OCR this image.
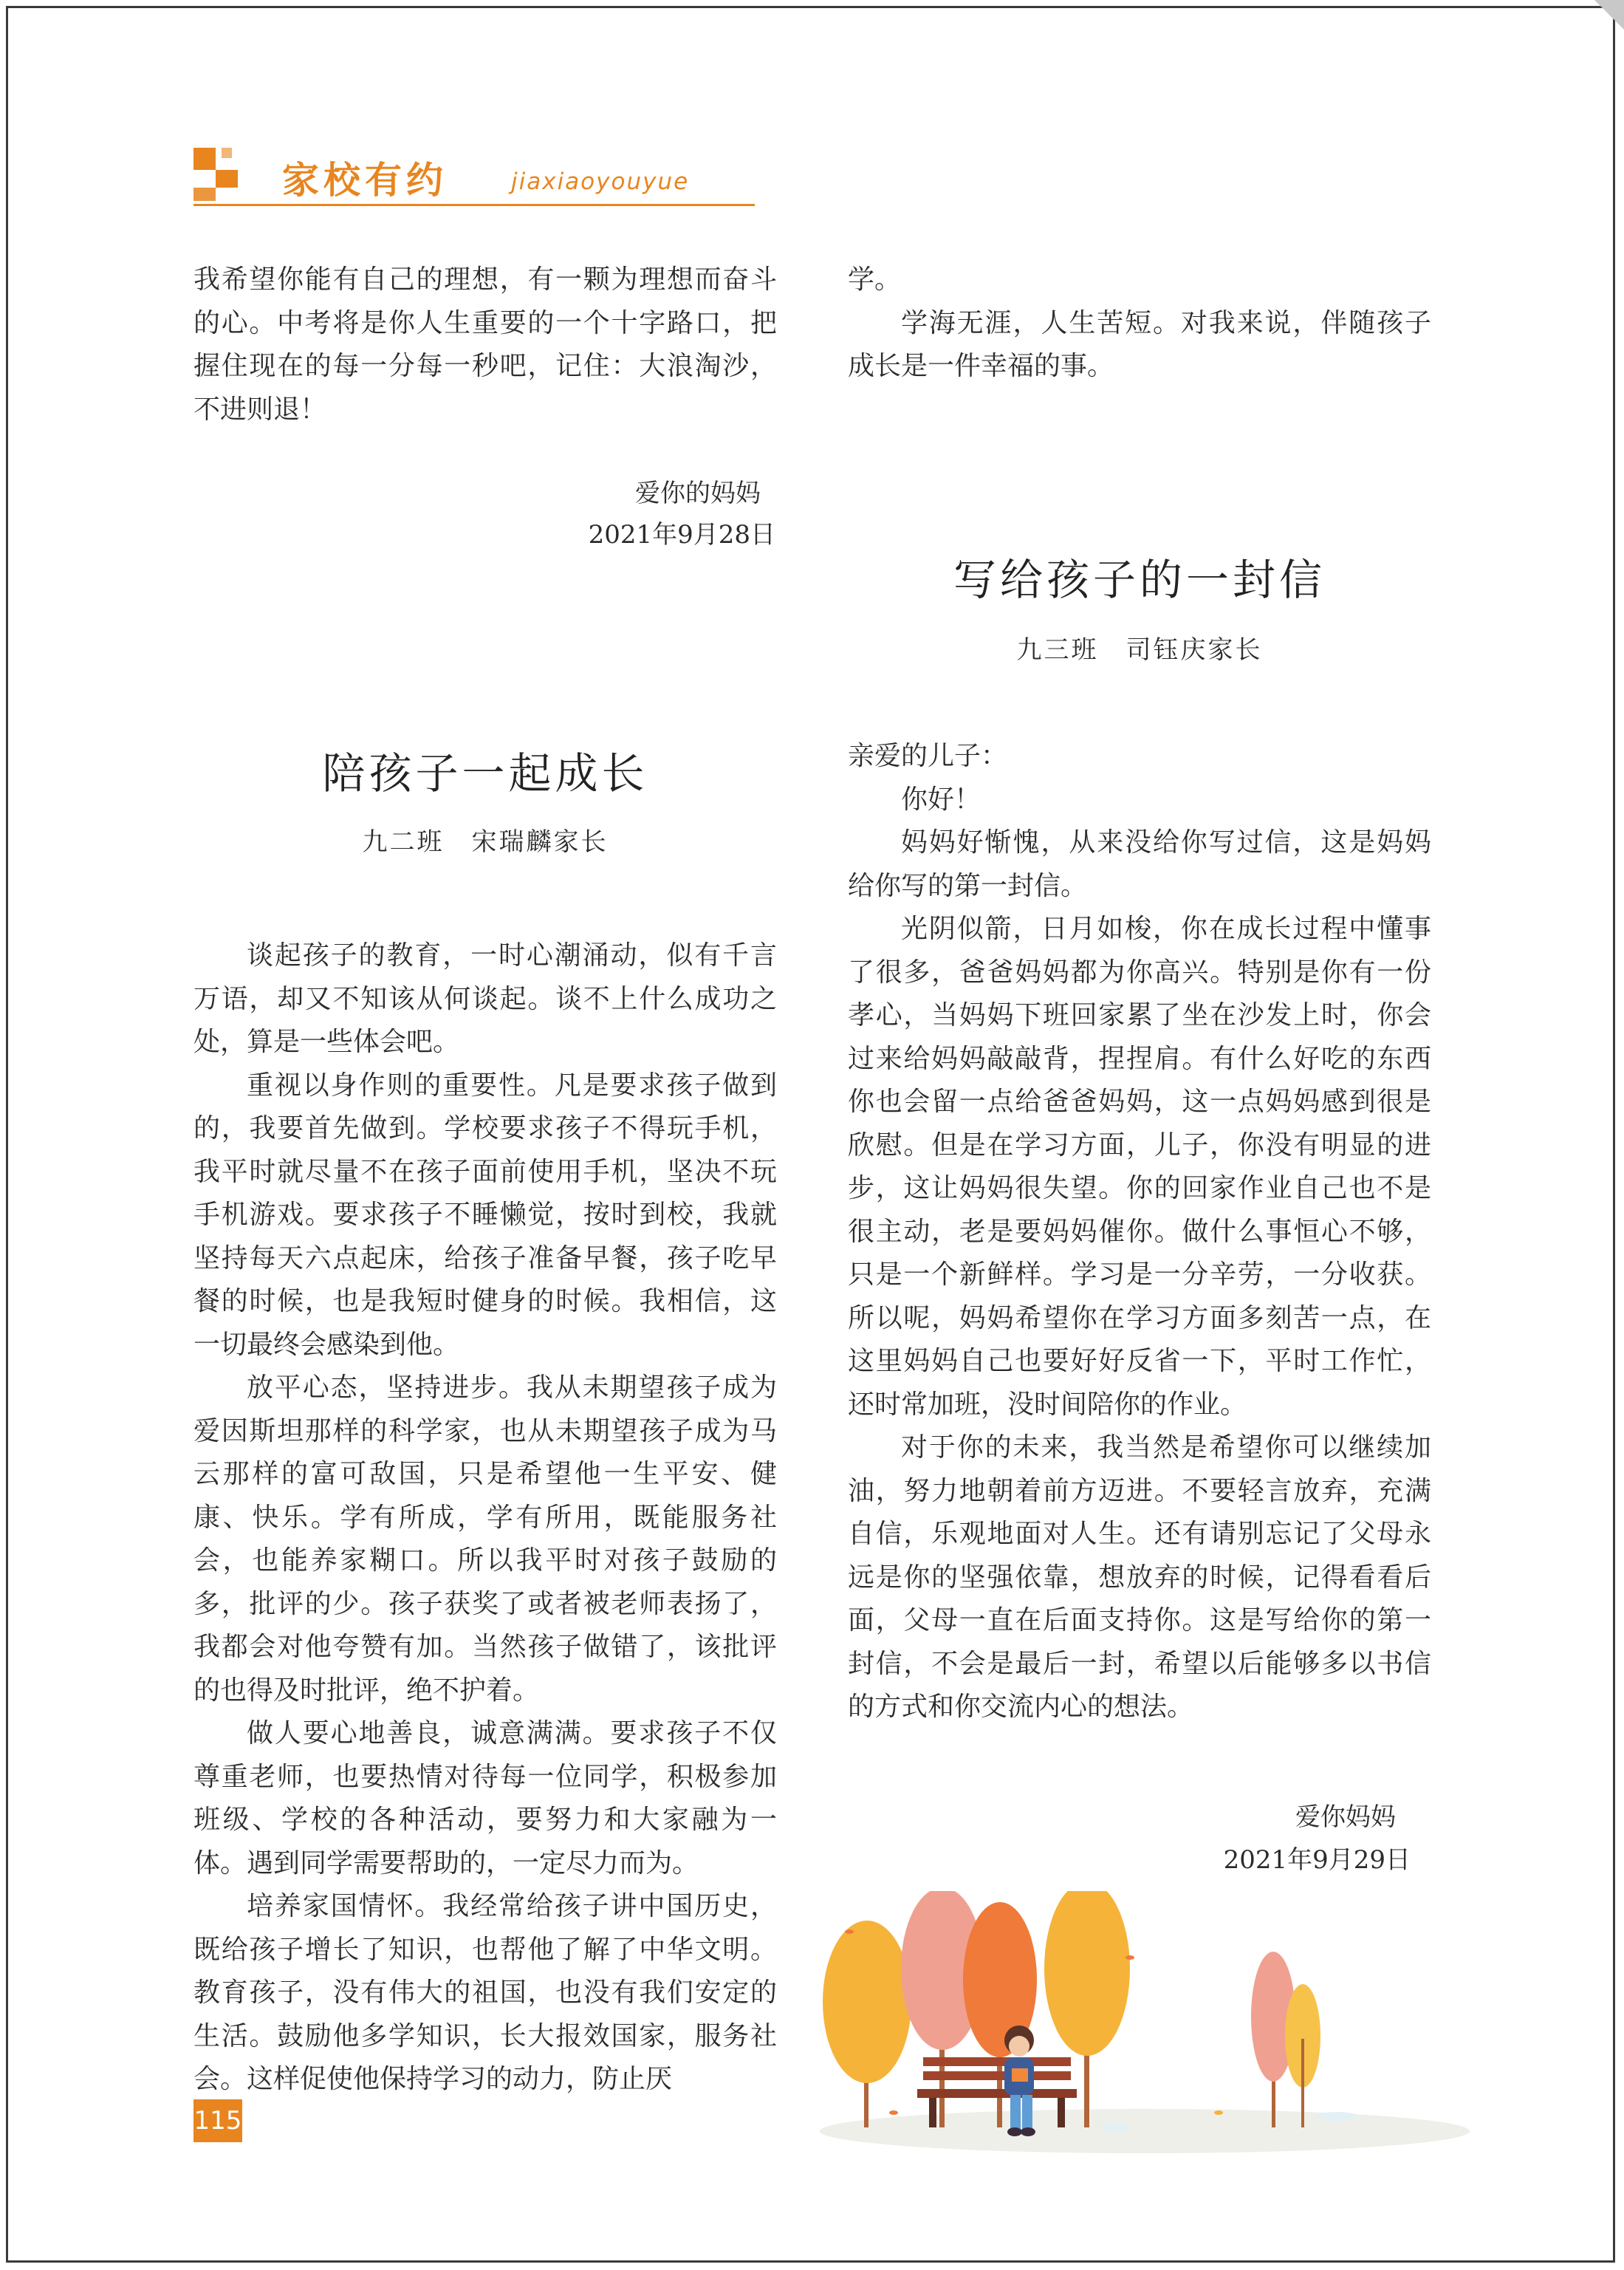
家校有约	jiaxiaoyouyue

我希望你能有自己的理想，有一颗为理想而奋斗的心。中考将是你人生重要的一个十字路口，把握住现在的每一分每一秒吧，记住：大浪淘沙，不进则退！

爱你的妈妈
2021年9月28日
陪孩子一起成长
九二班　宋瑞麟家长

谈起孩子的教育，一时心潮涌动，似有千言万语，却又不知该从何谈起。谈不上什么成功之处，算是一些体会吧。

重视以身作则的重要性。凡是要求孩子做到的，我要首先做到。学校要求孩子不得玩手机，我平时就尽量不在孩子面前使用手机，坚决不玩手机游戏。要求孩子不睡懒觉，按时到校，我就坚持每天六点起床，给孩子准备早餐，孩子吃早餐的时候，也是我短时健身的时候。我相信，这一切最终会感染到他。

放平心态，坚持进步。我从未期望孩子成为爱因斯坦那样的科学家，也从未期望孩子成为马云那样的富可敌国，只是希望他一生平安、健康、快乐。学有所成，学有所用，既能服务社会，也能养家糊口。所以我平时对孩子鼓励的多，批评的少。孩子获奖了或者被老师表扬了，我都会对他夸赞有加。当然孩子做错了，该批评的也得及时批评，绝不护着。

做人要心地善良，诚意满满。要求孩子不仅尊重老师，也要热情对待每一位同学，积极参加班级、学校的各种活动，要努力和大家融为一体。遇到同学需要帮助的，一定尽力而为。

培养家国情怀。我经常给孩子讲中国历史，既给孩子增长了知识，也帮他了解了中华文明。教育孩子，没有伟大的祖国，也没有我们安定的生活。鼓励他多学知识，长大报效国家，服务社会。这样促使他保持学习的动力，防止厌

学。

学海无涯，人生苦短。对我来说，伴随孩子成长是一件幸福的事。

写给孩子的一封信
九三班　司钰庆家长

亲爱的儿子：

你好！

妈妈好惭愧，从来没给你写过信，这是妈妈给你写的第一封信。

光阴似箭，日月如梭，你在成长过程中懂事了很多，爸爸妈妈都为你高兴。特别是你有一份孝心，当妈妈下班回家累了坐在沙发上时，你会过来给妈妈敲敲背，捏捏肩。有什么好吃的东西你也会留一点给爸爸妈妈，这一点妈妈感到很是欣慰。但是在学习方面，儿子，你没有明显的进步，这让妈妈很失望。你的回家作业自己也不是很主动，老是要妈妈催你。做什么事恒心不够，只是一个新鲜样。学习是一分辛劳，一分收获。所以呢，妈妈希望你在学习方面多刻苦一点，在这里妈妈自己也要好好反省一下，平时工作忙，还时常加班，没时间陪你的作业。

对于你的未来，我当然是希望你可以继续加油，努力地朝着前方迈进。不要轻言放弃，充满自信，乐观地面对人生。还有请别忘记了父母永远是你的坚强依靠，想放弃的时候，记得看看后面，父母一直在后面支持你。这是写给你的第一封信，不会是最后一封，希望以后能够多以书信的方式和你交流内心的想法。

爱你妈妈
2021年9月29日
115
